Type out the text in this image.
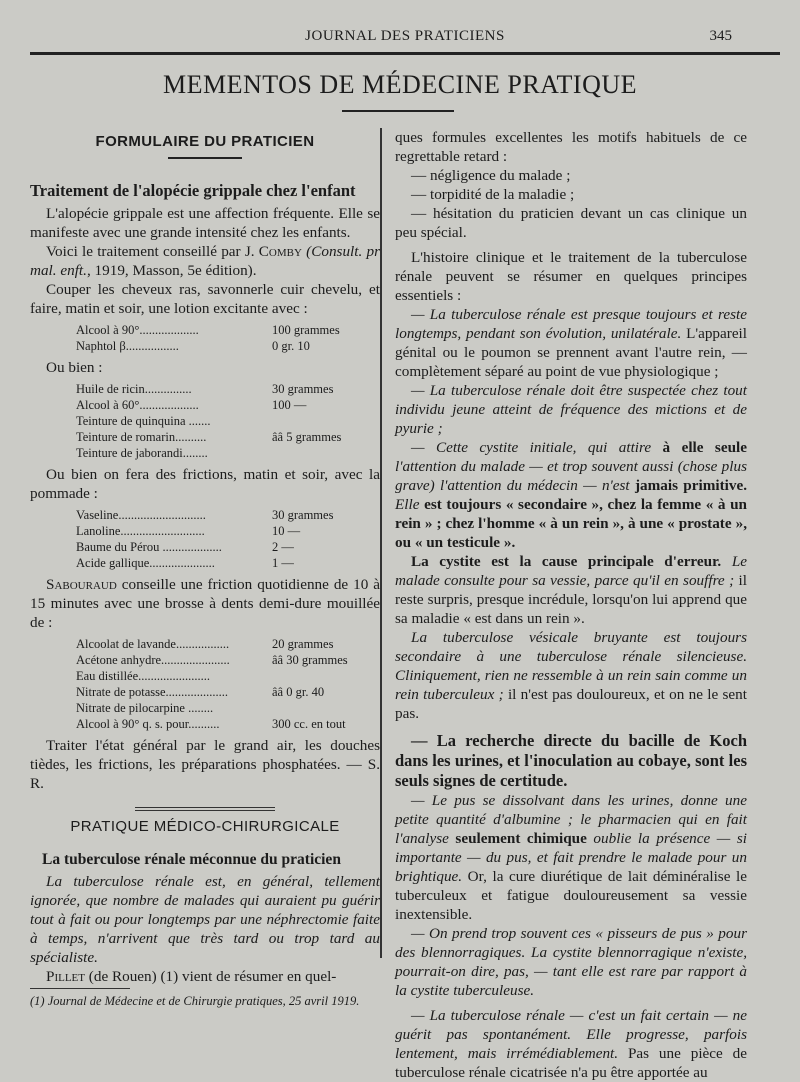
JOURNAL DES PRATICIENS	345
MEMENTOS DE MÉDECINE PRATIQUE
FORMULAIRE DU PRATICIEN
Traitement de l'alopécie grippale chez l'enfant

L'alopécie grippale est une affection fréquente. Elle se manifeste avec une grande intensité chez les enfants.

Voici le traitement conseillé par J. Comby (Consult. pr mal. enft., 1919, Masson, 5e édition).

Couper les cheveux ras, savonnerle cuir chevelu, et faire, matin et soir, une lotion excitante avec :

Alcool à 90°...................	100 grammes
Naphtol β.................	0 gr. 10

Ou bien :

Huile de ricin...............	30 grammes
Alcool à 60°...................	100 —
Teinture de quinquina .......
Teinture de romarin..........	ââ 5 grammes
Teinture de jaborandi........

Ou bien on fera des frictions, matin et soir, avec la pommade :

Vaseline............................	30 grammes
Lanoline...........................	10 —
Baume du Pérou ...................	2 —
Acide gallique.....................	1 —

Sabouraud conseille une friction quotidienne de 10 à 15 minutes avec une brosse à dents demi-dure mouillée de :

Alcoolat de lavande.................	20 grammes
Acétone anhydre......................	ââ 30 grammes
Eau distillée.......................
Nitrate de potasse....................	ââ 0 gr. 40
Nitrate de pilocarpine ........
Alcool à 90° q. s. pour..........	300 cc. en tout

Traiter l'état général par le grand air, les douches tièdes, les frictions, les préparations phosphatées. — S. R.

PRATIQUE MÉDICO-CHIRURGICALE
La tuberculose rénale méconnue du praticien

La tuberculose rénale est, en général, tellement ignorée, que nombre de malades qui auraient pu guérir tout à fait ou pour longtemps par une néphrectomie faite à temps, n'arrivent que très tard ou trop tard au spécialiste.

Pillet (de Rouen) (1) vient de résumer en quel-

(1) Journal de Médecine et de Chirurgie pratiques, 25 avril 1919.

ques formules excellentes les motifs habituels de ce regrettable retard :

— négligence du malade ;

— torpidité de la maladie ;

— hésitation du praticien devant un cas clinique un peu spécial.

L'histoire clinique et le traitement de la tuberculose rénale peuvent se résumer en quelques principes essentiels :

— La tuberculose rénale est presque toujours et reste longtemps, pendant son évolution, unilatérale. L'appareil génital ou le poumon se prennent avant l'autre rein, — complètement séparé au point de vue physiologique ;

— La tuberculose rénale doit être suspectée chez tout individu jeune atteint de fréquence des mictions et de pyurie ;

— Cette cystite initiale, qui attire à elle seule l'attention du malade — et trop souvent aussi (chose plus grave) l'attention du médecin — n'est jamais primitive. Elle est toujours « secondaire », chez la femme « à un rein » ; chez l'homme « à un rein », à une « prostate », ou « un testicule ».

La cystite est la cause principale d'erreur. Le malade consulte pour sa vessie, parce qu'il en souffre ; il reste surpris, presque incrédule, lorsqu'on lui apprend que sa maladie « est dans un rein ».

La tuberculose vésicale bruyante est toujours secondaire à une tuberculose rénale silencieuse. Cliniquement, rien ne ressemble à un rein sain comme un rein tuberculeux ; il n'est pas douloureux, et on ne le sent pas.

— La recherche directe du bacille de Koch dans les urines, et l'inoculation au cobaye, sont les seuls signes de certitude.

— Le pus se dissolvant dans les urines, donne une petite quantité d'albumine ; le pharmacien qui en fait l'analyse seulement chimique oublie la présence — si importante — du pus, et fait prendre le malade pour un brightique. Or, la cure diurétique de lait déminéralise le tuberculeux et fatigue douloureusement sa vessie inextensible.

— On prend trop souvent ces « pisseurs de pus » pour des blennorragiques. La cystite blennorragique n'existe, pourrait-on dire, pas, — tant elle est rare par rapport à la cystite tuberculeuse.

— La tuberculose rénale — c'est un fait certain — ne guérit pas spontanément. Elle progresse, parfois lentement, mais irrémédiablement. Pas une pièce de tuberculose rénale cicatrisée n'a pu être apportée au
